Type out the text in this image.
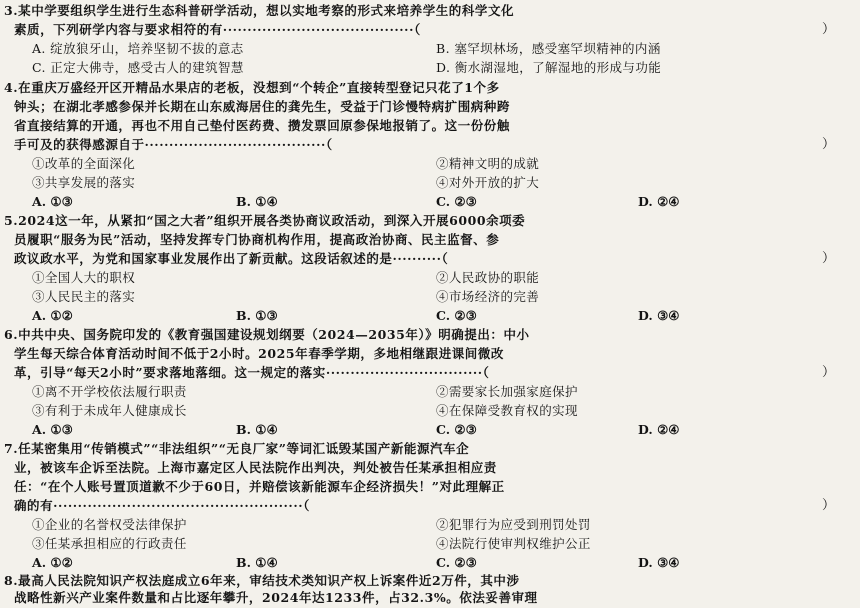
3.某中学要组织学生进行生态科普研学活动，想以实地考察的形式来培养学生的科学文化
素质，下列研学内容与要求相符的有·······································（	）
A. 绽放狼牙山，培养坚韧不拔的意志	B. 塞罕坝林场，感受塞罕坝精神的内涵
C. 正定大佛寺，感受古人的建筑智慧	D. 衡水湖湿地，了解湿地的形成与功能
4.在重庆万盛经开区开精品水果店的老板，没想到“个转企”直接转型登记只花了1个多
钟头；在湖北孝感参保并长期在山东威海居住的龚先生，受益于门诊慢特病扩围病种跨
省直接结算的开通，再也不用自己垫付医药费、攒发票回原参保地报销了。这一份份触
手可及的获得感源自于·····································（	）
①改革的全面深化	②精神文明的成就
③共享发展的落实	④对外开放的扩大
A. ①③	B. ①④	C. ②③	D. ②④
5.2024这一年，从紧扣“国之大者”组织开展各类协商议政活动，到深入开展6000余项委
员履职“服务为民”活动，坚持发挥专门协商机构作用，提高政治协商、民主监督、参
政议政水平，为党和国家事业发展作出了新贡献。这段话叙述的是··········（	）
①全国人大的职权	②人民政协的职能
③人民民主的落实	④市场经济的完善
A. ①②	B. ①③	C. ②③	D. ③④
6.中共中央、国务院印发的《教育强国建设规划纲要（2024—2035年）》明确提出：中小
学生每天综合体育活动时间不低于2小时。2025年春季学期，多地相继跟进课间微改
革，引导“每天2小时”要求落地落细。这一规定的落实································（	）
①离不开学校依法履行职责	②需要家长加强家庭保护
③有利于未成年人健康成长	④在保障受教育权的实现
A. ①③	B. ①④	C. ②③	D. ②④
7.任某密集用“传销模式”“非法组织”“无良厂家”等词汇诋毁某国产新能源汽车企
业，被该车企诉至法院。上海市嘉定区人民法院作出判决，判处被告任某承担相应责
任：“在个人账号置顶道歉不少于60日，并赔偿该新能源车企经济损失！”对此理解正
确的有···················································（	）
①企业的名誉权受法律保护	②犯罪行为应受到刑罚处罚
③任某承担相应的行政责任	④法院行使审判权维护公正
A. ①②	B. ①④	C. ②③	D. ③④
8.最高人民法院知识产权法庭成立6年来，审结技术类知识产权上诉案件近2万件，其中涉
战略性新兴产业案件数量和占比逐年攀升，2024年达1233件，占32.3%。依法妥善审理
